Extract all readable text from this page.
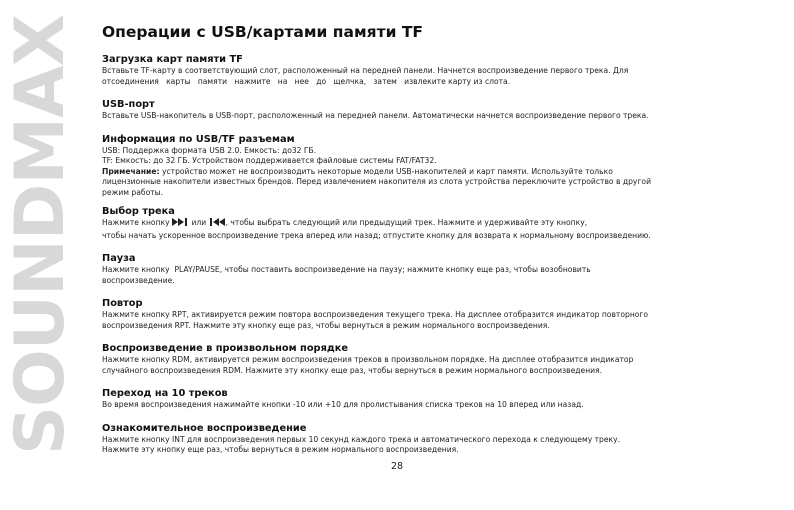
SOUNDMAX Операции с USB/картами памяти TF
Загрузка карт памяти TF

Вставьте TF-карту в соответствующий слот, расположенный на передней панели. Начнется воспроизведение первого трека. Для

отсоединения   карты   памяти   нажмите   на   нее   до   щелчка,   затем   извлеките карту из слота.

USB-порт

Вставьте USB-накопитель в USB-порт, расположенный на передней панели. Автоматически начнется воспроизведение первого трека.

Информация по USB/TF разъемам

USB: Поддержка формата USB 2.0. Емкость: до32 ГБ.

TF: Емкость: до 32 ГБ. Устройством поддерживается файловые системы FAT/FAT32.

Примечание: устройство может не воспроизводить некоторые модели USB-накопителей и карт памяти. Используйте только

лицензионные накопители известных брендов. Перед извлечением накопителя из слота устройства переключите устройство в другой

режим работы.

Выбор трека

Нажмите кнопку  или , чтобы выбрать следующий или предыдущий трек. Нажмите и удерживайте эту кнопку,

чтобы начать ускоренное воспроизведение трека вперед или назад; отпустите кнопку для возврата к нормальному воспроизведению.

Пауза

Нажмите кнопку  PLAY/PAUSE, чтобы поставить воспроизведение на паузу; нажмите кнопку еще раз, чтобы возобновить

воспроизведение.

Повтор

Нажмите кнопку RPT, активируется режим повтора воспроизведения текущего трека. На дисплее отобразится индикатор повторного

воспроизведения RPT. Нажмите эту кнопку еще раз, чтобы вернуться в режим нормального воспроизведения.

Воспроизведение в произвольном порядке

Нажмите кнопку RDM, активируется режим воспроизведения треков в произвольном порядке. На дисплее отобразится индикатор

случайного воспроизведения RDM. Нажмите эту кнопку еще раз, чтобы вернуться в режим нормального воспроизведения.

Переход на 10 треков

Во время воспроизведения нажимайте кнопки -10 или +10 для пролистывания списка треков на 10 вперед или назад.

Ознакомительное воспроизведение

Нажмите кнопку INT для воспроизведения первых 10 секунд каждого трека и автоматического перехода к следующему треку.

Нажмите эту кнопку еще раз, чтобы вернуться в режим нормального воспроизведения.

28
